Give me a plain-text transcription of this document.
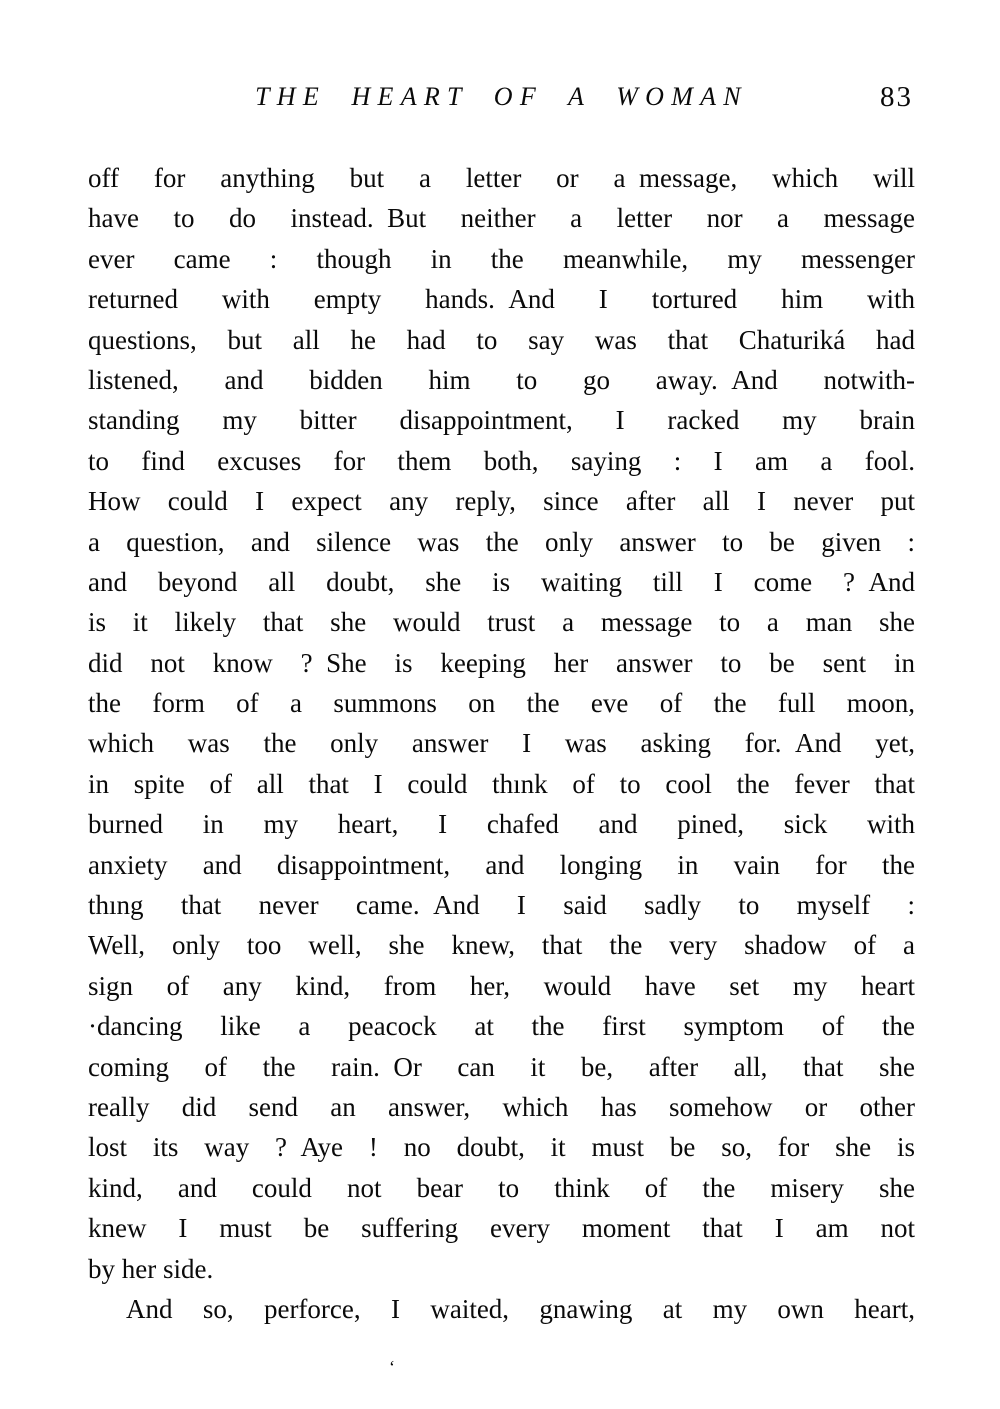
THE HEART OF A WOMAN	83
off for anything but a letter or a message, which will
have to do instead. But neither a letter nor a message
ever came : though in the meanwhile, my messenger
returned with empty hands. And I tortured him with
questions, but all he had to say was that Chaturiká had
listened, and bidden him to go away. And notwith-
standing my bitter disappointment, I racked my brain
to find excuses for them both, saying : I am a fool.
How could I expect any reply, since after all I never put
a question, and silence was the only answer to be given :
and beyond all doubt, she is waiting till I come ? And
is it likely that she would trust a message to a man she
did not know ? She is keeping her answer to be sent in
the form of a summons on the eve of the full moon,
which was the only answer I was asking for. And yet,
in spite of all that I could thınk of to cool the fever that
burned in my heart, I chafed and pined, sick with
anxiety and disappointment, and longing in vain for the
thıng that never came. And I said sadly to myself :
Well, only too well, she knew, that the very shadow of a
sign of any kind, from her, would have set my heart
·dancing like a peacock at the first symptom of the
coming of the rain. Or can it be, after all, that she
really did send an answer, which has somehow or other
lost its way ? Aye ! no doubt, it must be so, for she is
kind, and could not bear to think of the misery she
knew I must be suffering every moment that I am not
by her side.
And so, perforce, I waited, gnawing at my own heart,
ʻ
